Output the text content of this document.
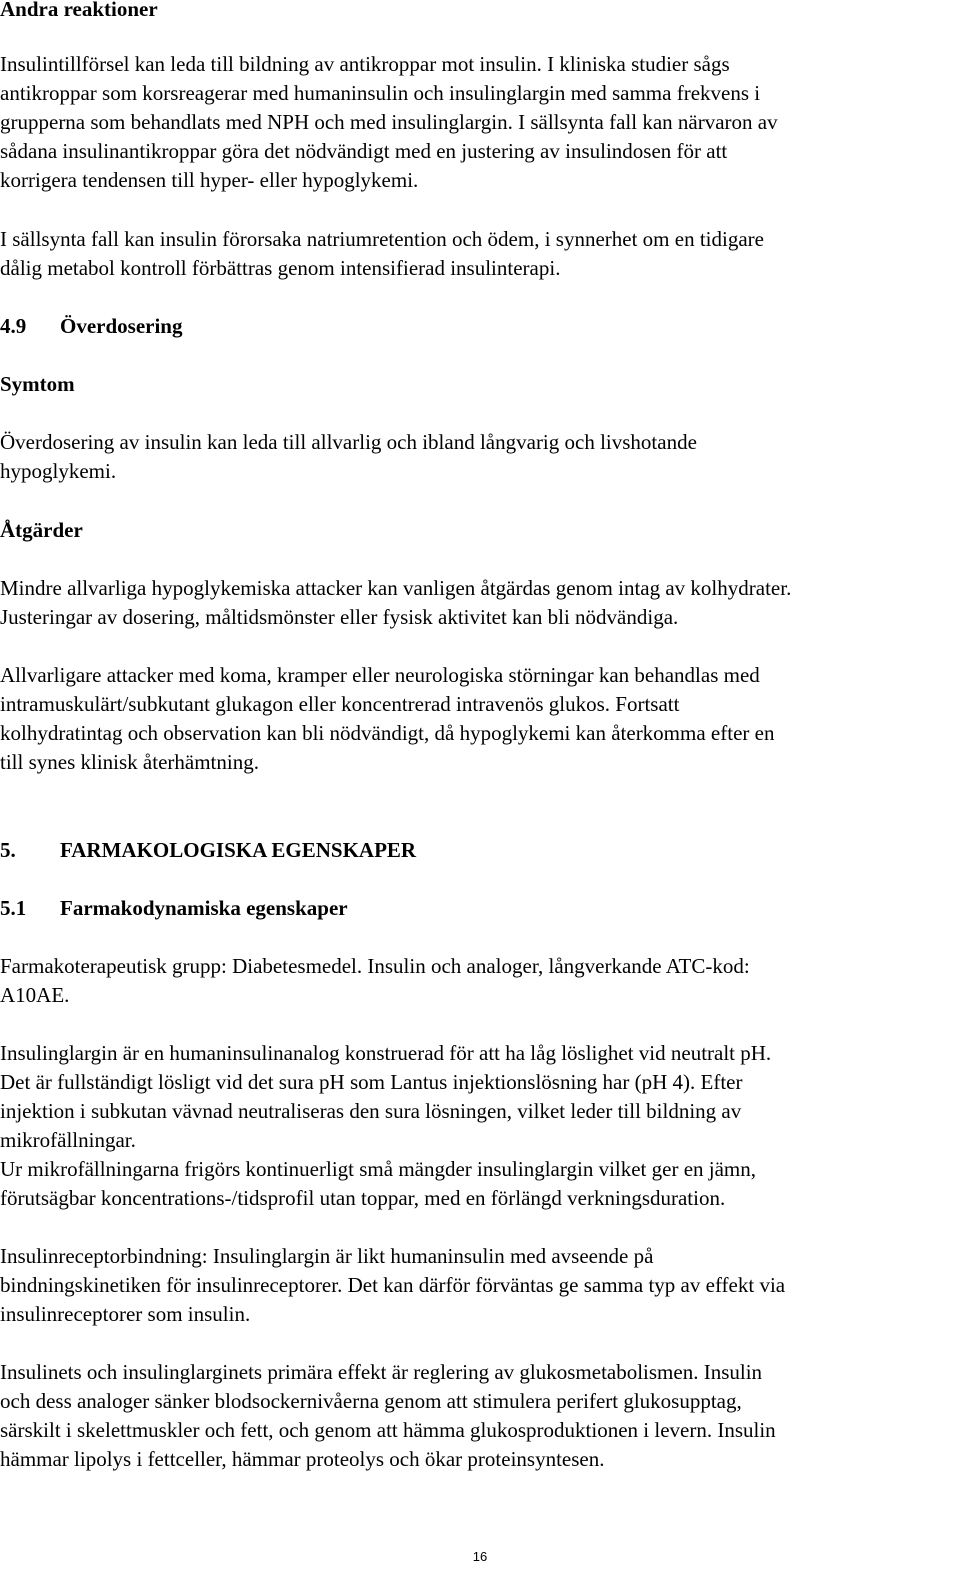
Andra reaktioner
Insulintillförsel kan leda till bildning av antikroppar mot insulin. I kliniska studier sågs
antikroppar som korsreagerar med humaninsulin och insulinglargin med samma frekvens i
grupperna som behandlats med NPH och med insulinglargin. I sällsynta fall kan närvaron av
sådana insulinantikroppar göra det nödvändigt med en justering av insulindosen för att
korrigera tendensen till hyper- eller hypoglykemi.
I sällsynta fall kan insulin förorsaka natriumretention och ödem, i synnerhet om en tidigare
dålig metabol kontroll förbättras genom intensifierad insulinterapi.
4.9 Överdosering
Symtom
Överdosering av insulin kan leda till allvarlig och ibland långvarig och livshotande
hypoglykemi.
Åtgärder
Mindre allvarliga hypoglykemiska attacker kan vanligen åtgärdas genom intag av kolhydrater.
Justeringar av dosering, måltidsmönster eller fysisk aktivitet kan bli nödvändiga.
Allvarligare attacker med koma, kramper eller neurologiska störningar kan behandlas med
intramuskulärt/subkutant glukagon eller koncentrerad intravenös glukos. Fortsatt
kolhydratintag och observation kan bli nödvändigt, då hypoglykemi kan återkomma efter en
till synes klinisk återhämtning.
5. FARMAKOLOGISKA EGENSKAPER
5.1 Farmakodynamiska egenskaper
Farmakoterapeutisk grupp: Diabetesmedel. Insulin och analoger, långverkande ATC-kod:
A10AE.
Insulinglargin är en humaninsulinanalog konstruerad för att ha låg löslighet vid neutralt pH.
Det är fullständigt lösligt vid det sura pH som Lantus injektionslösning har (pH 4). Efter
injektion i subkutan vävnad neutraliseras den sura lösningen, vilket leder till bildning av
mikrofällningar.
Ur mikrofällningarna frigörs kontinuerligt små mängder insulinglargin vilket ger en jämn,
förutsägbar koncentrations-/tidsprofil utan toppar, med en förlängd verkningsduration.
Insulinreceptorbindning: Insulinglargin är likt humaninsulin med avseende på
bindningskinetiken för insulinreceptorer. Det kan därför förväntas ge samma typ av effekt via
insulinreceptorer som insulin.
Insulinets och insulinglarginets primära effekt är reglering av glukosmetabolismen. Insulin
och dess analoger sänker blodsockernivåerna genom att stimulera perifert glukosupptag,
särskilt i skelettmuskler och fett, och genom att hämma glukosproduktionen i levern. Insulin
hämmar lipolys i fettceller, hämmar proteolys och ökar proteinsyntesen.
16
